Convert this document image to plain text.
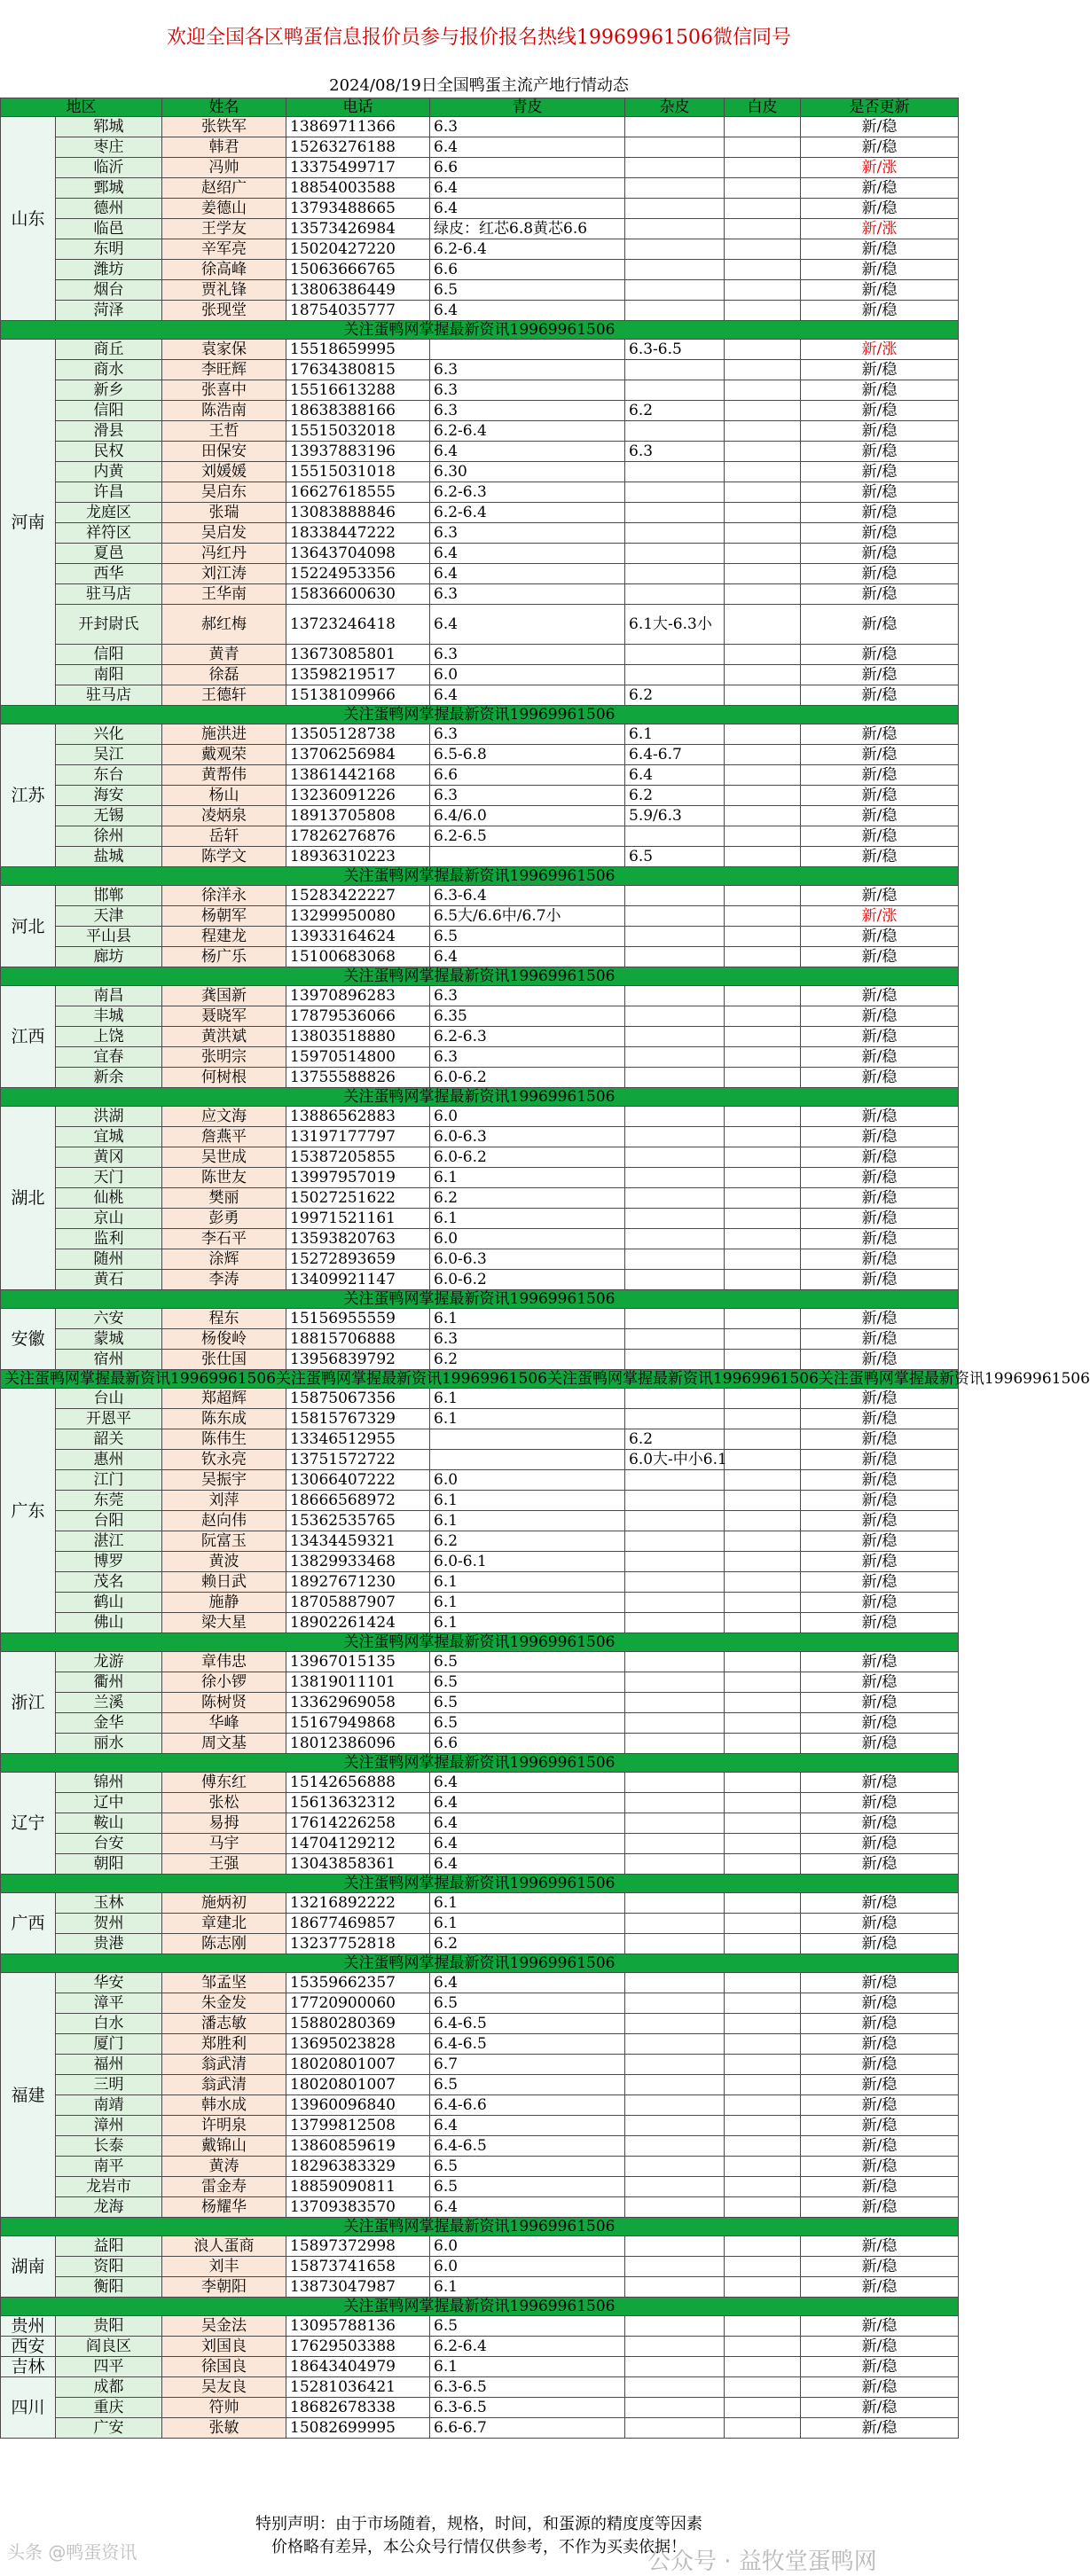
欢迎全国各区鸭蛋信息报价员参与报价报名热线19969961506微信同号
2024/08/19日全国鸭蛋主流产地行情动态
地区		姓名	电话	青皮	杂皮	白皮	是否更新
山东	郓城	张铁军	13869711366	6.3			新/稳
	枣庄	韩君	15263276188	6.4			新/稳
	临沂	冯帅	13375499717	6.6			新/涨
	鄄城	赵绍广	18854003588	6.4			新/稳
	德州	姜德山	13793488665	6.4			新/稳
	临邑	王学友	13573426984	绿皮：红芯6.8黄芯6.6			新/涨
	东明	辛军亮	15020427220	6.2-6.4			新/稳
	潍坊	徐高峰	15063666765	6.6			新/稳
	烟台	贾礼锋	13806386449	6.5			新/稳
	菏泽	张现堂	18754035777	6.4			新/稳
关注蛋鸭网掌握最新资讯19969961506							
河南	商丘	袁家保	15518659995		6.3-6.5		新/涨
	商水	李旺辉	17634380815	6.3			新/稳
	新乡	张喜中	15516613288	6.3			新/稳
	信阳	陈浩南	18638388166	6.3	6.2		新/稳
	滑县	王哲	15515032018	6.2-6.4			新/稳
	民权	田保安	13937883196	6.4	6.3		新/稳
	内黄	刘媛媛	15515031018	6.30			新/稳
	许昌	吴启东	16627618555	6.2-6.3			新/稳
	龙庭区	张瑞	13083888846	6.2-6.4			新/稳
	祥符区	吴启发	18338447222	6.3			新/稳
	夏邑	冯红丹	13643704098	6.4			新/稳
	西华	刘江涛	15224953356	6.4			新/稳
	驻马店	王华南	15836600630	6.3			新/稳
	开封尉氏	郝红梅	13723246418	6.4	6.1大-6.3小		新/稳
	信阳	黄青	13673085801	6.3			新/稳
	南阳	徐磊	13598219517	6.0			新/稳
	驻马店	王德轩	15138109966	6.4	6.2		新/稳
关注蛋鸭网掌握最新资讯19969961506							
江苏	兴化	施洪进	13505128738	6.3	6.1		新/稳
	吴江	戴观荣	13706256984	6.5-6.8	6.4-6.7		新/稳
	东台	黄帮伟	13861442168	6.6	6.4		新/稳
	海安	杨山	13236091226	6.3	6.2		新/稳
	无锡	凌炳泉	18913705808	6.4/6.0	5.9/6.3		新/稳
	徐州	岳轩	17826276876	6.2-6.5			新/稳
	盐城	陈学文	18936310223		6.5		新/稳
关注蛋鸭网掌握最新资讯19969961506							
河北	邯郸	徐洋永	15283422227	6.3-6.4			新/稳
	天津	杨朝军	13299950080	6.5大/6.6中/6.7小			新/涨
	平山县	程建龙	13933164624	6.5			新/稳
	廊坊	杨广乐	15100683068	6.4			新/稳
关注蛋鸭网掌握最新资讯19969961506							
江西	南昌	龚国新	13970896283	6.3			新/稳
	丰城	聂晓军	17879536066	6.35			新/稳
	上饶	黄洪斌	13803518880	6.2-6.3			新/稳
	宜春	张明宗	15970514800	6.3			新/稳
	新余	何树根	13755588826	6.0-6.2			新/稳
关注蛋鸭网掌握最新资讯19969961506							
湖北	洪湖	应文海	13886562883	6.0			新/稳
	宜城	詹燕平	13197177797	6.0-6.3			新/稳
	黄冈	吴世成	15387205855	6.0-6.2			新/稳
	天门	陈世友	13997957019	6.1			新/稳
	仙桃	樊丽	15027251622	6.2			新/稳
	京山	彭勇	19971521161	6.1			新/稳
	监利	李石平	13593820763	6.0			新/稳
	随州	涂辉	15272893659	6.0-6.3			新/稳
	黄石	李涛	13409921147	6.0-6.2			新/稳
关注蛋鸭网掌握最新资讯19969961506							
安徽	六安	程东	15156955559	6.1			新/稳
	蒙城	杨俊岭	18815706888	6.3			新/稳
	宿州	张仕国	13956839792	6.2			新/稳
关注蛋鸭网掌握最新资讯19969961506关注蛋鸭网掌握最新资讯19969961506关注蛋鸭网掌握最新资讯19969961506关注蛋鸭网掌握最新资讯19969961506							
广东	台山	郑超辉	15875067356	6.1			新/稳
	开恩平	陈东成	15815767329	6.1			新/稳
	韶关	陈伟生	13346512955		6.2		新/稳
	惠州	钦永亮	13751572722		6.0大-中小6.1		新/稳
	江门	吴振宇	13066407222	6.0			新/稳
	东莞	刘萍	18666568972	6.1			新/稳
	台阳	赵向伟	15362535765	6.1			新/稳
	湛江	阮富玉	13434459321	6.2			新/稳
	博罗	黄波	13829933468	6.0-6.1			新/稳
	茂名	赖日武	18927671230	6.1			新/稳
	鹤山	施静	18705887907	6.1			新/稳
	佛山	梁大星	18902261424	6.1			新/稳
关注蛋鸭网掌握最新资讯19969961506							
浙江	龙游	章伟忠	13967015135	6.5			新/稳
	衢州	徐小锣	13819011101	6.5			新/稳
	兰溪	陈树贤	13362969058	6.5			新/稳
	金华	华峰	15167949868	6.5			新/稳
	丽水	周文基	18012386096	6.6			新/稳
关注蛋鸭网掌握最新资讯19969961506							
辽宁	锦州	傅东红	15142656888	6.4			新/稳
	辽中	张松	15613632312	6.4			新/稳
	鞍山	易拇	17614226258	6.4			新/稳
	台安	马宇	14704129212	6.4			新/稳
	朝阳	王强	13043858361	6.4			新/稳
关注蛋鸭网掌握最新资讯19969961506							
广西	玉林	施炳初	13216892222	6.1			新/稳
	贺州	章建北	18677469857	6.1			新/稳
	贵港	陈志刚	13237752818	6.2			新/稳
关注蛋鸭网掌握最新资讯19969961506							
福建	华安	邹孟坚	15359662357	6.4			新/稳
	漳平	朱金发	17720900060	6.5			新/稳
	白水	潘志敏	15880280369	6.4-6.5			新/稳
	厦门	郑胜利	13695023828	6.4-6.5			新/稳
	福州	翁武清	18020801007	6.7			新/稳
	三明	翁武清	18020801007	6.5			新/稳
	南靖	韩水成	13960096840	6.4-6.6			新/稳
	漳州	许明泉	13799812508	6.4			新/稳
	长泰	戴锦山	13860859619	6.4-6.5			新/稳
	南平	黄涛	18296383329	6.5			新/稳
	龙岩市	雷金寿	18859090811	6.5			新/稳
	龙海	杨耀华	13709383570	6.4			新/稳
关注蛋鸭网掌握最新资讯19969961506							
湖南	益阳	浪人蛋商	15897372998	6.0			新/稳
	资阳	刘丰	15873741658	6.0			新/稳
	衡阳	李朝阳	13873047987	6.1			新/稳
关注蛋鸭网掌握最新资讯19969961506							
贵州	贵阳	吴金法	13095788136	6.5			新/稳
西安	阎良区	刘国良	17629503388	6.2-6.4			新/稳
吉林	四平	徐国良	18643404979	6.1			新/稳
四川	成都	吴友良	15281036421	6.3-6.5			新/稳
	重庆	符帅	18682678338	6.3-6.5			新/稳
	广安	张敏	15082699995	6.6-6.7			新/稳
特别声明：由于市场随着，规格，时间，和蛋源的精度度等因素
价格略有差异，本公众号行情仅供参考，不作为买卖依据！
头条 @鸭蛋资讯	公众号 · 益牧堂蛋鸭网
